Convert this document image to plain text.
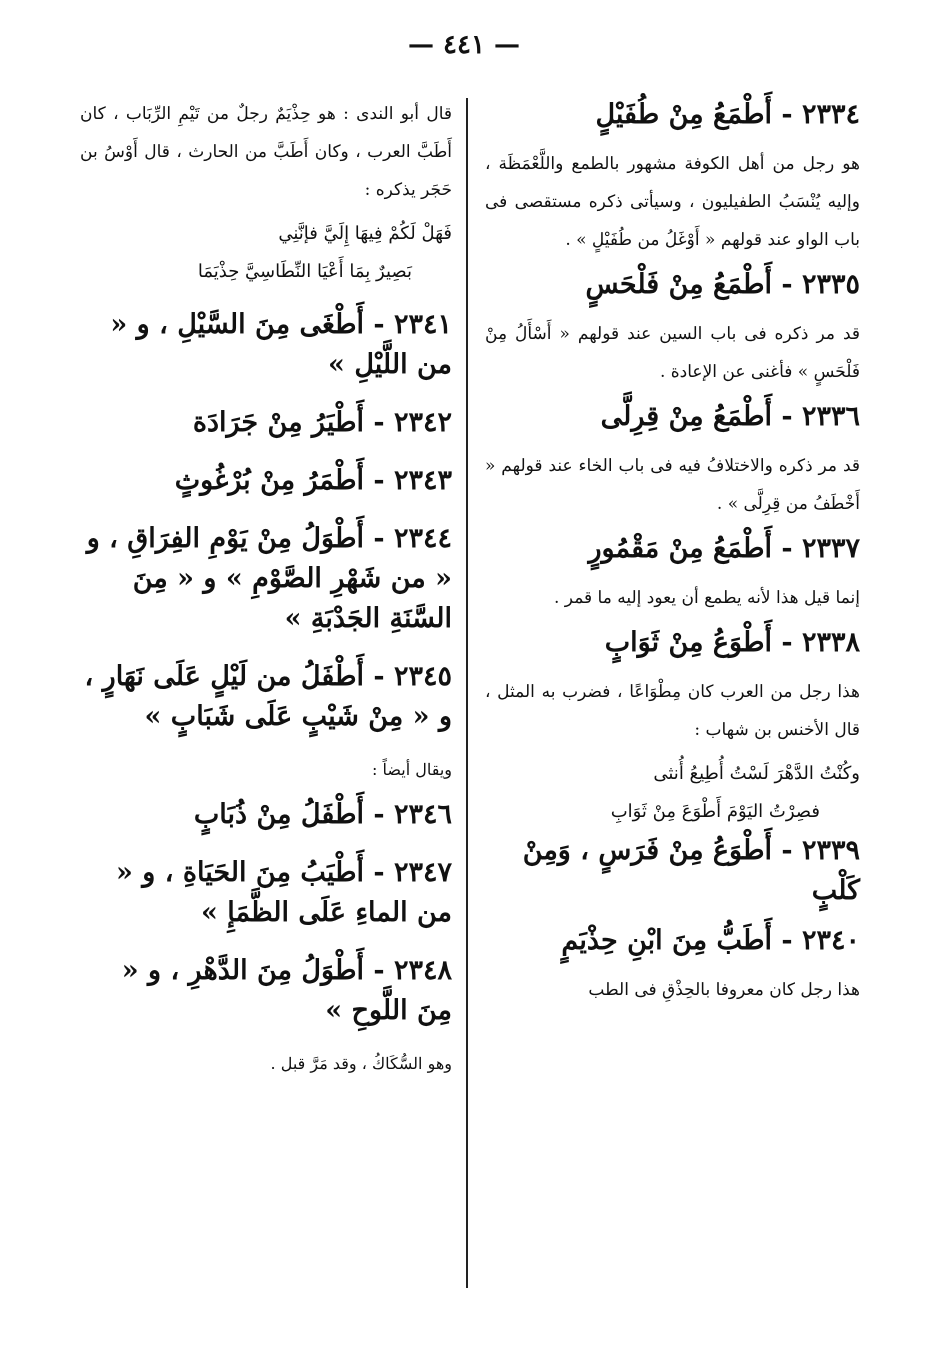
— ٤٤١ —
٢٣٣٤ - أَطْمَعُ مِنْ طُفَيْلٍ

هو رجل من أهل الكوفة مشهور بالطمع واللَّعْمَظَة ، وإليه يُنْسَبُ الطفيليون ، وسيأتى ذكره مستقصى فى باب الواو عند قولهم « أَوْغَلُ من طُفَيْلٍ » .

٢٣٣٥ - أَطْمَعُ مِنْ فَلْحَسٍ

قد مر ذكره فى باب السين عند قولهم « أَسْأَلُ مِنْ فَلْحَسٍ » فأغنى عن الإعادة .

٢٣٣٦ - أَطْمَعُ مِنْ قِرِلَّى

قد مر ذكره والاختلافُ فيه فى باب الخاء عند قولهم « أَخْطَفُ من قِرِلَّى » .

٢٣٣٧ - أَطْمَعُ مِنْ مَقْمُورٍ

إنما قيل هذا لأنه يطمع أن يعود إليه ما قمر .

٢٣٣٨ - أَطْوَعُ مِنْ ثَوَابٍ

هذا رجل من العرب كان مِطْوَاعًا ، فضرب به المثل ، قال الأخنس بن شهاب :

وكُنْتُ الدَّهْرَ لَسْتُ أُطِيعُ أُنثى

فصِرْتُ اليَوْمَ أَطْوَعَ مِنْ ثَوَابِ

٢٣٣٩ - أَطْوَعُ مِنْ فَرَسٍ ، وَمِنْ كَلْبٍ
٢٣٤٠ - أَطَبُّ مِنَ ابْنِ حِذْيَمٍ

هذا رجل كان معروفا بالحِذْقِ فى الطب

قال أبو الندى : هو حِذْيَمٌ رجلٌ من تَيْمِ الرِّبَاب ، كان أَطَبَّ العرب ، وكان أَطَبَّ من الحارث ، قال أَوْسُ بن حَجَر يذكره :

فَهَلْ لَكُمْ فِيهَا إِلَيَّ فإنَّنِي

بَصِيرٌ بِمَا أَعْيَا النِّطَاسِيَّ حِذْيَمَا

٢٣٤١ - أَطْغَى مِنَ السَّيْلِ ، و « من اللَّيْلِ »
٢٣٤٢ - أَطْيَرُ مِنْ جَرَادَة
٢٣٤٣ - أَطْمَرُ مِنْ بُرْغُوثٍ
٢٣٤٤ - أَطْوَلُ مِنْ يَوْمِ الفِرَاقِ ، و « من شَهْرِ الصَّوْمِ » و « مِنَ السَّنَةِ الجَدْبَةِ »
٢٣٤٥ - أَطْفَلُ من لَيْلٍ عَلَى نَهَارٍ ، و « مِنْ شَيْبٍ عَلَى شَبَابٍ »

ويقال أيضاً :

٢٣٤٦ - أَطْفَلُ مِنْ ذُبَابٍ
٢٣٤٧ - أَطْيَبُ مِنَ الحَيَاةِ ، و « من الماءِ عَلَى الظَّمَإِ »
٢٣٤٨ - أَطْوَلُ مِنَ الدَّهْرِ ، و « مِنَ اللَّوحِ »

وهو السُّكَاكُ ، وقد مَرَّ قبل .
